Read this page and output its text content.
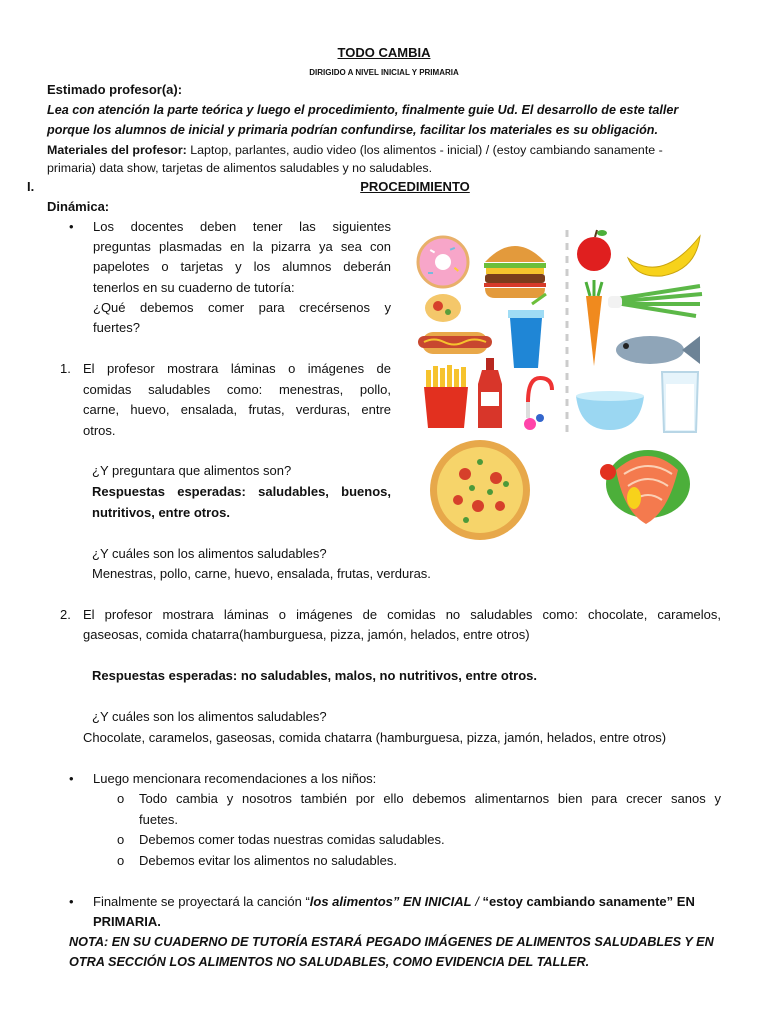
TODO CAMBIA
DIRIGIDO A NIVEL INICIAL Y PRIMARIA
Estimado profesor(a):
Lea con atención la parte teórica y luego el procedimiento, finalmente guie Ud. El desarrollo de este taller
porque los alumnos de inicial y primaria podrían confundirse, facilitar los materiales es su obligación.
Materiales del profesor: Laptop, parlantes, audio video (los alimentos - inicial) / (estoy cambiando sanamente -
primaria) data show, tarjetas de alimentos saludables y no saludables.
I.	PROCEDIMIENTO
Dinámica:
• Los docentes deben tener las siguientes
preguntas plasmadas en la pizarra ya sea con
papelotes o tarjetas y los alumnos deberán
tenerlos en su cuaderno de tutoría:
¿Qué debemos comer para crecérsenos y
fuertes?
1. El profesor mostrara láminas o imágenes de
comidas saludables como: menestras, pollo,
carne, huevo, ensalada, frutas, verduras, entre
otros.
¿Y preguntara que alimentos son?
Respuestas esperadas: saludables, buenos,
nutritivos, entre otros.
¿Y cuáles son los alimentos saludables?
Menestras, pollo, carne, huevo, ensalada, frutas, verduras.
2. El profesor mostrara láminas o imágenes de comidas no saludables como: chocolate, caramelos,
gaseosas, comida chatarra(hamburguesa, pizza, jamón, helados, entre otros)
Respuestas esperadas: no saludables, malos, no nutritivos, entre otros.
¿Y cuáles son los alimentos saludables?
Chocolate, caramelos, gaseosas, comida chatarra (hamburguesa, pizza, jamón, helados, entre otros)
• Luego mencionara recomendaciones a los niños:
o Todo cambia y nosotros también por ello debemos alimentarnos bien para crecer sanos y
fuetes.
o Debemos comer todas nuestras comidas saludables.
o Debemos evitar los alimentos no saludables.
• Finalmente se proyectará la canción “los alimentos” EN INICIAL / “estoy cambiando sanamente” EN
PRIMARIA.
NOTA: EN SU CUADERNO DE TUTORÍA ESTARÁ PEGADO IMÁGENES DE ALIMENTOS SALUDABLES Y EN
OTRA SECCIÓN LOS ALIMENTOS NO SALUDABLES, COMO EVIDENCIA DEL TALLER.
